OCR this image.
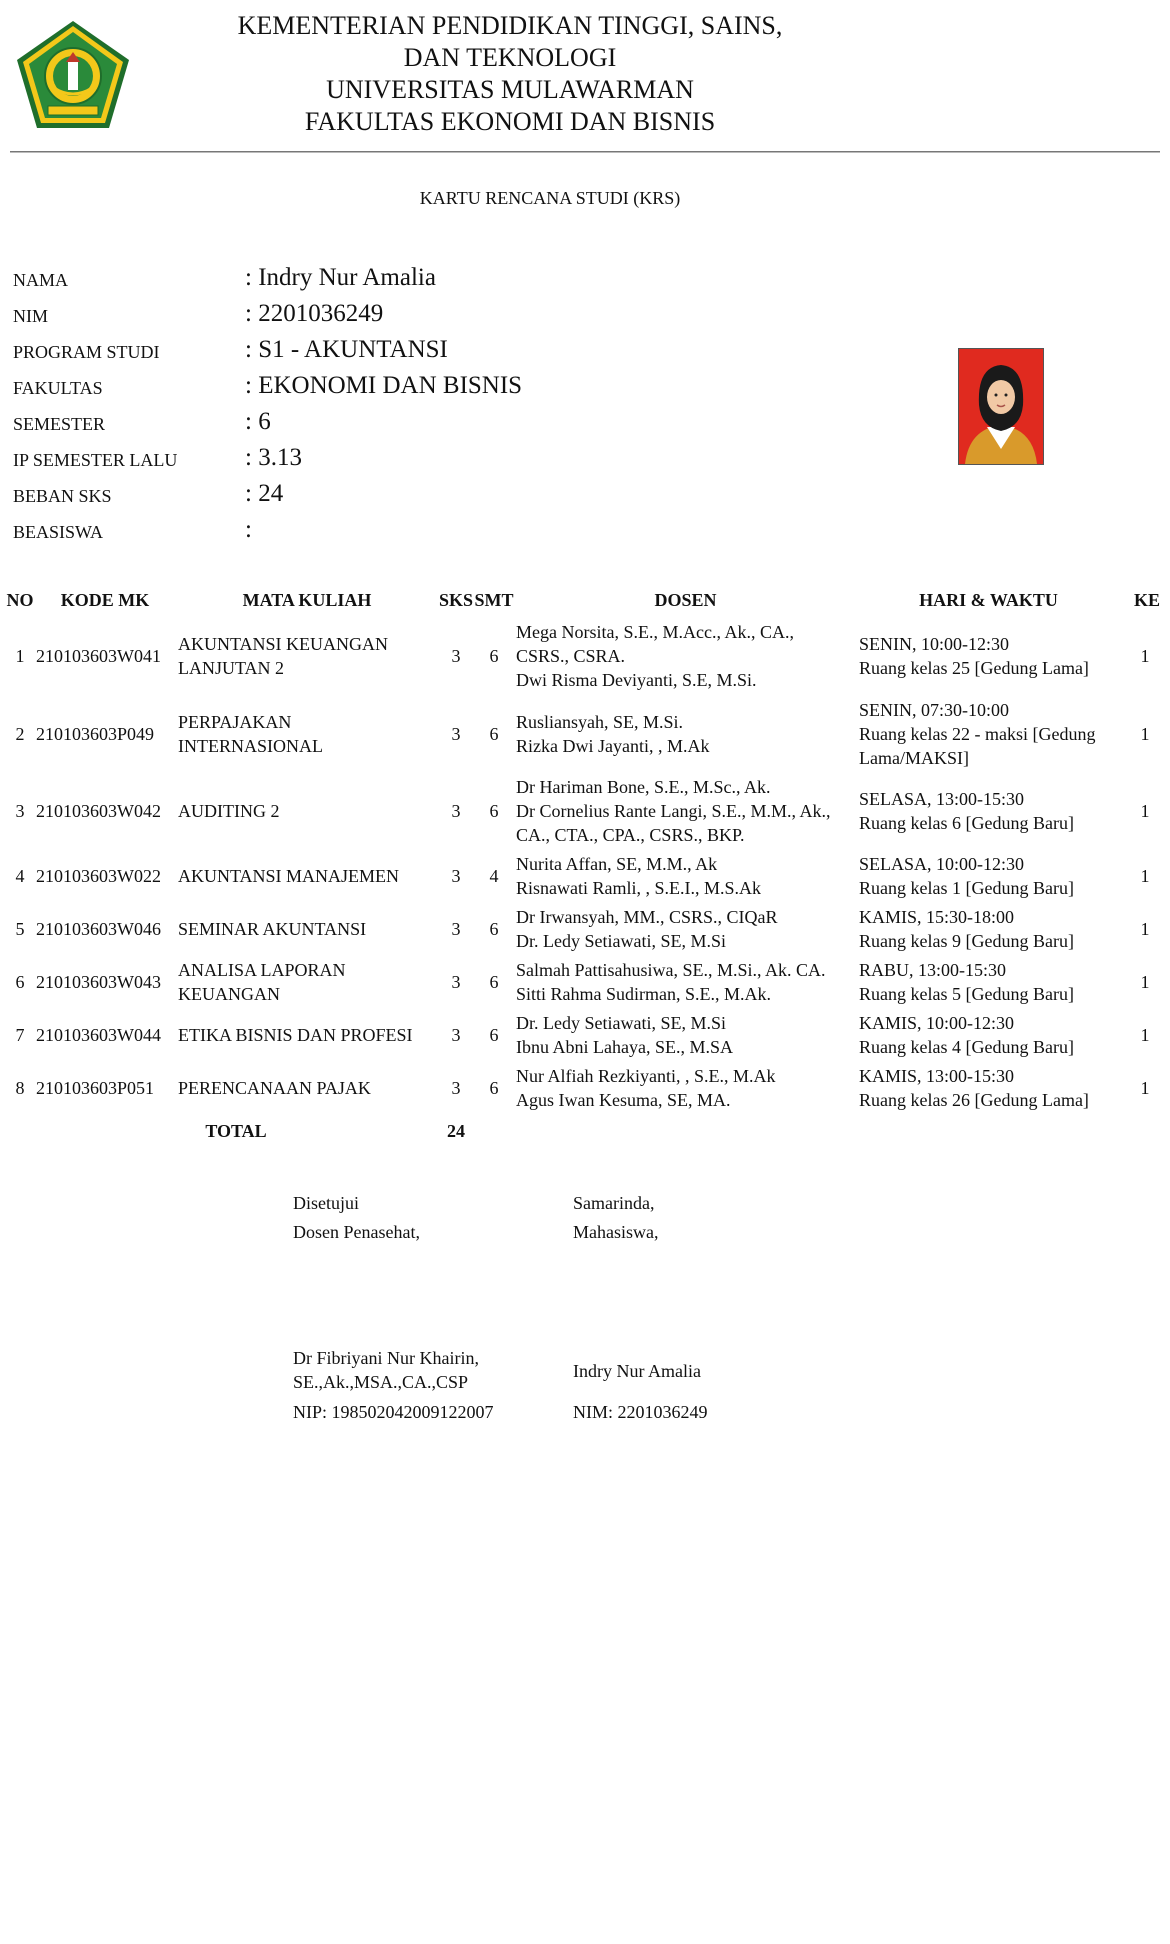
KEMENTERIAN PENDIDIKAN TINGGI, SAINS,
DAN TEKNOLOGI
UNIVERSITAS MULAWARMAN
FAKULTAS EKONOMI DAN BISNIS
KARTU RENCANA STUDI (KRS)
NAMA	: Indry Nur Amalia
NIM	: 2201036249
PROGRAM STUDI	: S1 - AKUNTANSI
FAKULTAS	: EKONOMI DAN BISNIS
SEMESTER	: 6
IP SEMESTER LALU	: 3.13
BEBAN SKS	: 24
BEASISWA	:
NO	KODE MK	MATA KULIAH	SKS	SMT	DOSEN	HARI & WAKTU	KE
1	210103603W041	AKUNTANSI KEUANGAN
LANJUTAN 2	3	6	Mega Norsita, S.E., M.Acc., Ak., CA.,
CSRS., CSRA.
Dwi Risma Deviyanti, S.E, M.Si.	SENIN, 10:00-12:30
Ruang kelas 25 [Gedung Lama]	1
2	210103603P049	PERPAJAKAN
INTERNASIONAL	3	6	Rusliansyah, SE, M.Si.
Rizka Dwi Jayanti, , M.Ak	SENIN, 07:30-10:00
Ruang kelas 22 - maksi [Gedung
Lama/MAKSI]	1
3	210103603W042	AUDITING 2	3	6	Dr Hariman Bone, S.E., M.Sc., Ak.
Dr Cornelius Rante Langi, S.E., M.M., Ak.,
CA., CTA., CPA., CSRS., BKP.	SELASA, 13:00-15:30
Ruang kelas 6 [Gedung Baru]	1
4	210103603W022	AKUNTANSI MANAJEMEN	3	4	Nurita Affan, SE, M.M., Ak
Risnawati Ramli, , S.E.I., M.S.Ak	SELASA, 10:00-12:30
Ruang kelas 1 [Gedung Baru]	1
5	210103603W046	SEMINAR AKUNTANSI	3	6	Dr Irwansyah, MM., CSRS., CIQaR
Dr. Ledy Setiawati, SE, M.Si	KAMIS, 15:30-18:00
Ruang kelas 9 [Gedung Baru]	1
6	210103603W043	ANALISA LAPORAN
KEUANGAN	3	6	Salmah Pattisahusiwa, SE., M.Si., Ak. CA.
Sitti Rahma Sudirman, S.E., M.Ak.	RABU, 13:00-15:30
Ruang kelas 5 [Gedung Baru]	1
7	210103603W044	ETIKA BISNIS DAN PROFESI	3	6	Dr. Ledy Setiawati, SE, M.Si
Ibnu Abni Lahaya, SE., M.SA	KAMIS, 10:00-12:30
Ruang kelas 4 [Gedung Baru]	1
8	210103603P051	PERENCANAAN PAJAK	3	6	Nur Alfiah Rezkiyanti, , S.E., M.Ak
Agus Iwan Kesuma, SE, MA.	KAMIS, 13:00-15:30
Ruang kelas 26 [Gedung Lama]	1
	TOTAL		24				
Disetujui
Dosen Penasehat,
Samarinda,
Mahasiswa,
Dr Fibriyani Nur Khairin,
SE.,Ak.,MSA.,CA.,CSP
NIP: 198502042009122007
Indry Nur Amalia
NIM: 2201036249
